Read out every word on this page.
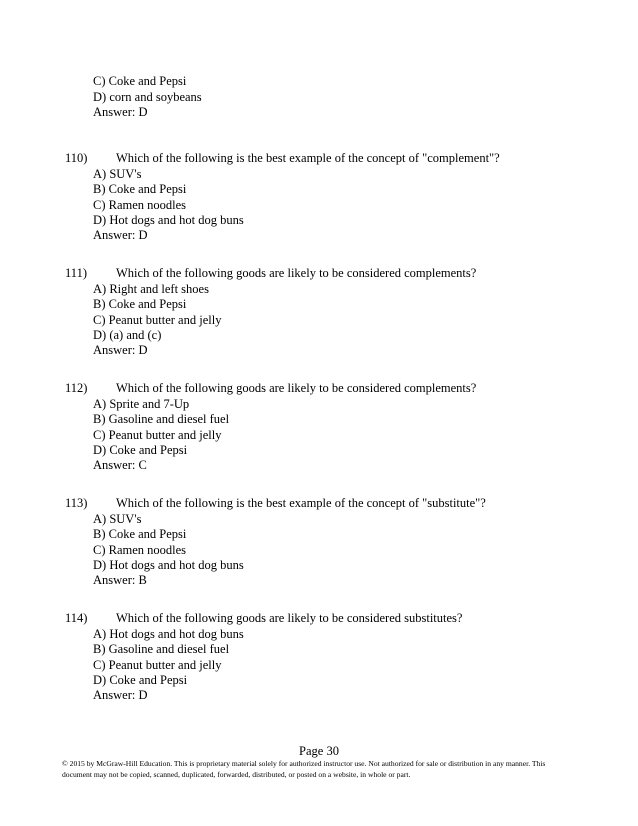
C) Coke and Pepsi
D) corn and soybeans
Answer: D
110) Which of the following is the best example of the concept of "complement"?
A) SUV's
B) Coke and Pepsi
C) Ramen noodles
D) Hot dogs and hot dog buns
Answer: D
111) Which of the following goods are likely to be considered complements?
A) Right and left shoes
B) Coke and Pepsi
C) Peanut butter and jelly
D) (a) and (c)
Answer: D
112) Which of the following goods are likely to be considered complements?
A) Sprite and 7-Up
B) Gasoline and diesel fuel
C) Peanut butter and jelly
D) Coke and Pepsi
Answer: C
113) Which of the following is the best example of the concept of "substitute"?
A) SUV's
B) Coke and Pepsi
C) Ramen noodles
D) Hot dogs and hot dog buns
Answer: B
114) Which of the following goods are likely to be considered substitutes?
A) Hot dogs and hot dog buns
B) Gasoline and diesel fuel
C) Peanut butter and jelly
D) Coke and Pepsi
Answer: D
Page 30
© 2015 by McGraw-Hill Education. This is proprietary material solely for authorized instructor use. Not authorized for sale or distribution in any manner. This
document may not be copied, scanned, duplicated, forwarded, distributed, or posted on a website, in whole or part.
